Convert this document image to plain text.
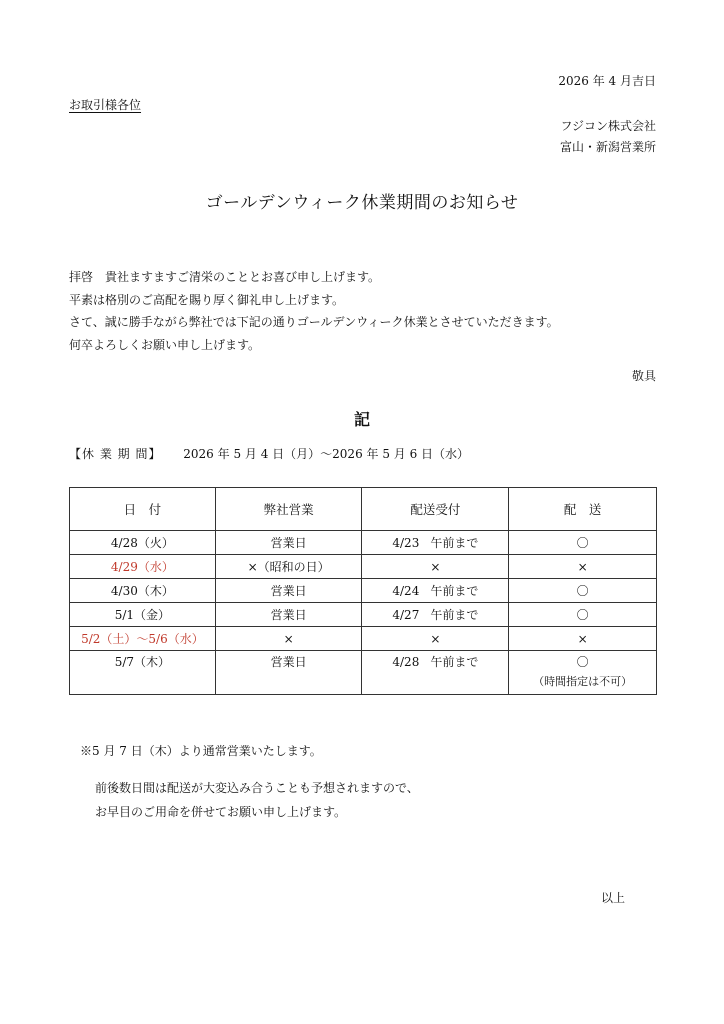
2026 年 4 月吉日
お取引様各位
フジコン株式会社
富山・新潟営業所
ゴールデンウィーク休業期間のお知らせ
拝啓　貴社ますますご清栄のこととお喜び申し上げます。
平素は格別のご高配を賜り厚く御礼申し上げます。
さて、誠に勝手ながら弊社では下記の通りゴールデンウィーク休業とさせていただきます。
何卒よろしくお願い申し上げます。
敬具
記
【休 業 期 間】 2026 年 5 月 4 日（月）～2026 年 5 月 6 日（水）
日　付	弊社営業	配送受付	配　送
4/28（火）	営業日	4/23 午前まで	〇
4/29（水）	×（昭和の日）	×	×
4/30（木）	営業日	4/24 午前まで	〇
5/1（金）	営業日	4/27 午前まで	〇
5/2（土）～5/6（水）	×	×	×
5/7（木）	営業日	4/28 午前まで	〇
（時間指定は不可）
※5 月 7 日（木）より通常営業いたします。
前後数日間は配送が大変込み合うことも予想されますので、
お早目のご用命を併せてお願い申し上げます。
以上
